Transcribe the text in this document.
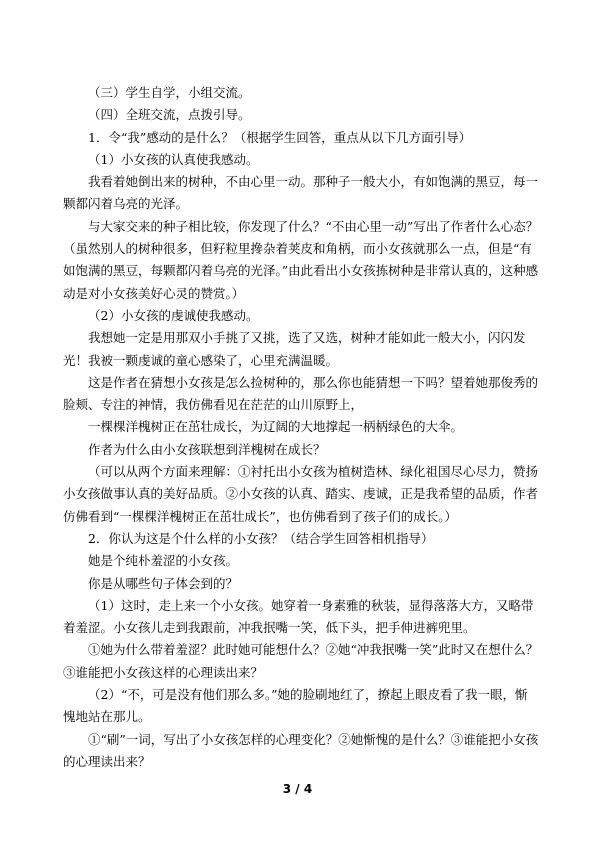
（三）学生自学，小组交流。

（四）全班交流，点拨引导。

1．令“我”感动的是什么？（根据学生回答，重点从以下几方面引导）

（1）小女孩的认真使我感动。

我看着她倒出来的树种，不由心里一动。那种子一般大小，有如饱满的黑豆，每一颗都闪着乌亮的光泽。

与大家交来的种子相比较，你发现了什么？“不由心里一动”写出了作者什么心态？（虽然别人的树种很多，但籽粒里搀杂着荚皮和角柄，而小女孩就那么一点，但是“有如饱满的黑豆，每颗都闪着乌亮的光泽。”由此看出小女孩拣树种是非常认真的，这种感动是对小女孩美好心灵的赞赏。）

（2）小女孩的虔诚使我感动。

我想她一定是用那双小手挑了又挑，选了又选，树种才能如此一般大小，闪闪发光！我被一颗虔诚的童心感染了，心里充满温暖。

这是作者在猜想小女孩是怎么捡树种的，那么你也能猜想一下吗？望着她那俊秀的脸颊、专注的神情，我仿佛看见在茫茫的山川原野上，

一棵棵洋槐树正在茁壮成长，为辽阔的大地撑起一柄柄绿色的大伞。

作者为什么由小女孩联想到洋槐树在成长？

（可以从两个方面来理解：①衬托出小女孩为植树造林、绿化祖国尽心尽力，赞扬小女孩做事认真的美好品质。②小女孩的认真、踏实、虔诚，正是我希望的品质，作者仿佛看到“一棵棵洋槐树正在茁壮成长”，也仿佛看到了孩子们的成长。）

2．你认为这是个什么样的小女孩？（结合学生回答相机指导）

她是个纯朴羞涩的小女孩。

你是从哪些句子体会到的？

（1）这时，走上来一个小女孩。她穿着一身素雅的秋装，显得落落大方，又略带着羞涩。小女孩儿走到我跟前，冲我抿嘴一笑，低下头，把手伸进裤兜里。

①她为什么带着羞涩？此时她可能想什么？②她“冲我抿嘴一笑”此时又在想什么？③谁能把小女孩这样的心理读出来？

（2）“不，可是没有他们那么多。”她的脸刷地红了，撩起上眼皮看了我一眼，惭愧地站在那儿。

①“刷”一词，写出了小女孩怎样的心理变化？②她惭愧的是什么？③谁能把小女孩的心理读出来？

3 / 4
